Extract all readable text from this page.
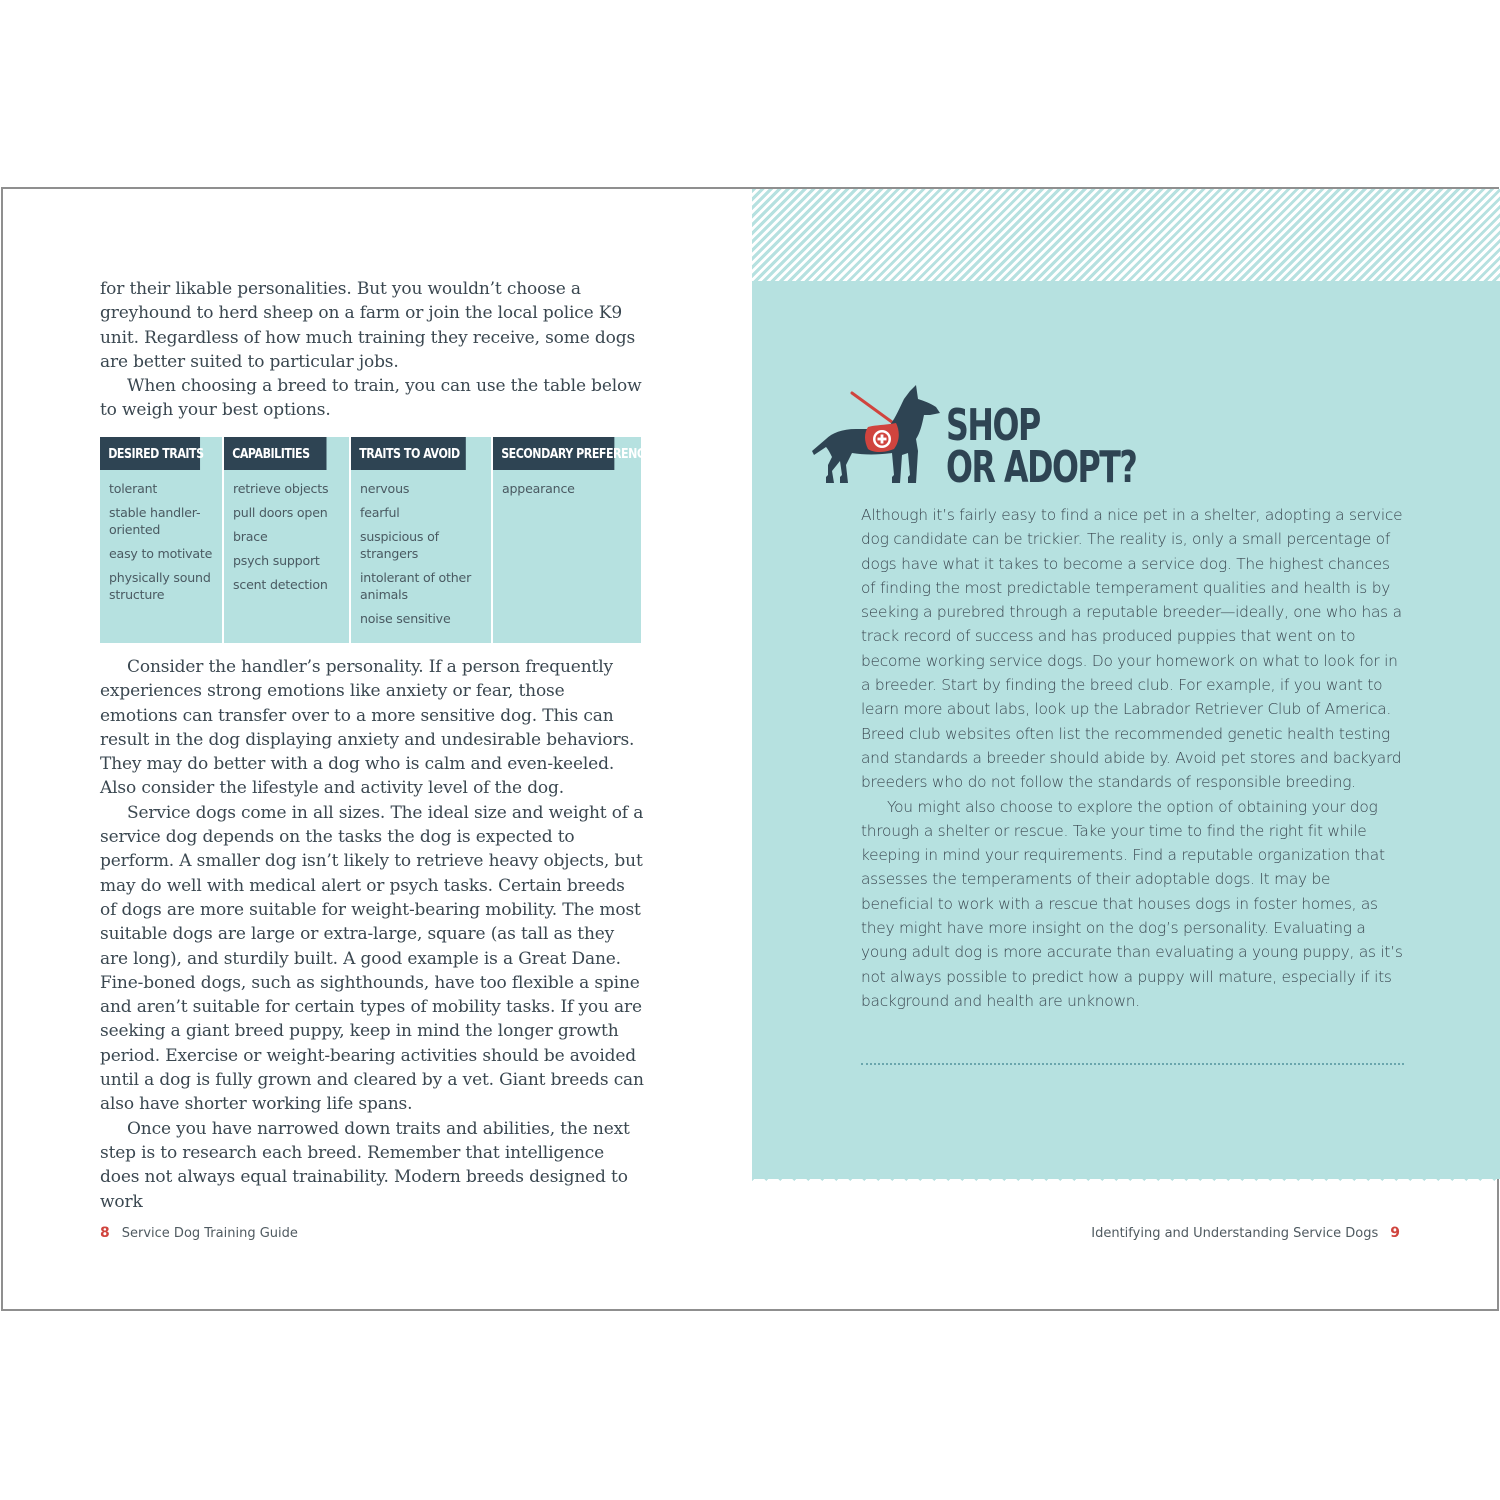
for their likable personalities. But you wouldn’t choose a greyhound to herd sheep on a farm or join the local police K9 unit. Regardless of how much training they receive, some dogs are better suited to particular jobs.

When choosing a breed to train, you can use the table below to weigh your best options.

DESIRED TRAITS
tolerant
stable handler-oriented
easy to motivate
physically sound structure
CAPABILITIES
retrieve objects
pull doors open
brace
psych support
scent detection
TRAITS TO AVOID
nervous
fearful
suspicious of strangers
intolerant of other animals
noise sensitive
SECONDARY PREFERENCES
appearance

Consider the handler’s personality. If a person frequently experiences strong emotions like anxiety or fear, those emotions can transfer over to a more sensitive dog. This can result in the dog displaying anxiety and undesirable behaviors. They may do better with a dog who is calm and even-keeled. Also consider the lifestyle and activity level of the dog.

Service dogs come in all sizes. The ideal size and weight of a service dog depends on the tasks the dog is expected to perform. A smaller dog isn’t likely to retrieve heavy objects, but may do well with medical alert or psych tasks. Certain breeds of dogs are more suitable for weight-bearing mobility. The most suitable dogs are large or extra-large, square (as tall as they are long), and sturdily built. A good example is a Great Dane. Fine-boned dogs, such as sighthounds, have too flexible a spine and aren’t suitable for certain types of mobility tasks. If you are seeking a giant breed puppy, keep in mind the longer growth period. Exercise or weight-bearing activities should be avoided until a dog is fully grown and cleared by a vet. Giant breeds can also have shorter working life spans.

Once you have narrowed down traits and abilities, the next step is to research each breed. Remember that intelligence does not always equal trainability. Modern breeds designed to work

8 Service Dog Training Guide
SHOP
OR ADOPT?

Although it’s fairly easy to find a nice pet in a shelter, adopting a service dog candidate can be trickier. The reality is, only a small percentage of dogs have what it takes to become a service dog. The highest chances of finding the most predictable temperament qualities and health is by seeking a purebred through a reputable breeder—ideally, one who has a track record of success and has produced puppies that went on to become working service dogs. Do your homework on what to look for in a breeder. Start by finding the breed club. For example, if you want to learn more about labs, look up the Labrador Retriever Club of America. Breed club websites often list the recommended genetic health testing and standards a breeder should abide by. Avoid pet stores and backyard breeders who do not follow the standards of responsible breeding.

You might also choose to explore the option of obtaining your dog through a shelter or rescue. Take your time to find the right fit while keeping in mind your requirements. Find a reputable organization that assesses the temperaments of their adoptable dogs. It may be beneficial to work with a rescue that houses dogs in foster homes, as they might have more insight on the dog’s personality. Evaluating a young adult dog is more accurate than evaluating a young puppy, as it’s not always possible to predict how a puppy will mature, especially if its background and health are unknown.

Identifying and Understanding Service Dogs 9
